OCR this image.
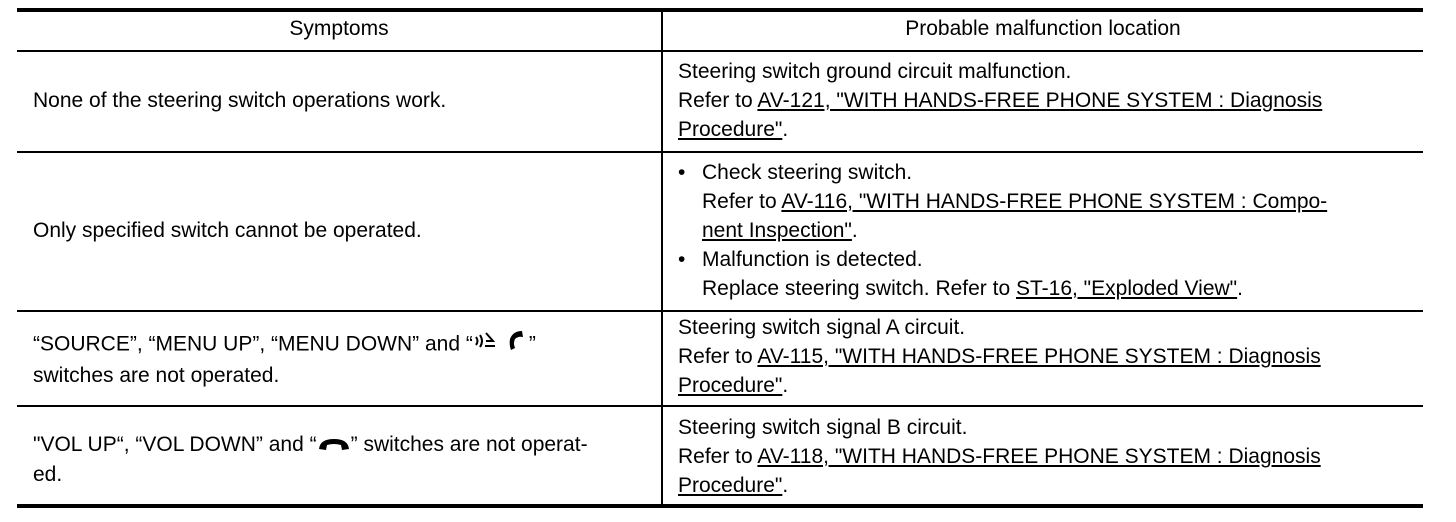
Symptoms	Probable malfunction location
None of the steering switch operations work.
Steering switch ground circuit malfunction.
Refer to AV-121, "WITH HANDS-FREE PHONE SYSTEM : Diagnosis
Procedure".
Only specified switch cannot be operated.
• Check steering switch.
Refer to AV-116, "WITH HANDS-FREE PHONE SYSTEM : Compo-
nent Inspection".
• Malfunction is detected.
Replace steering switch. Refer to ST-16, "Exploded View".
“SOURCE”, “MENU UP”, “MENU DOWN” and “	”
switches are not operated.
Steering switch signal A circuit.
Refer to AV-115, "WITH HANDS-FREE PHONE SYSTEM : Diagnosis
Procedure".
"VOL UP“, “VOL DOWN” and “ ” switches are not operat-
ed.
Steering switch signal B circuit.
Refer to AV-118, "WITH HANDS-FREE PHONE SYSTEM : Diagnosis
Procedure".
